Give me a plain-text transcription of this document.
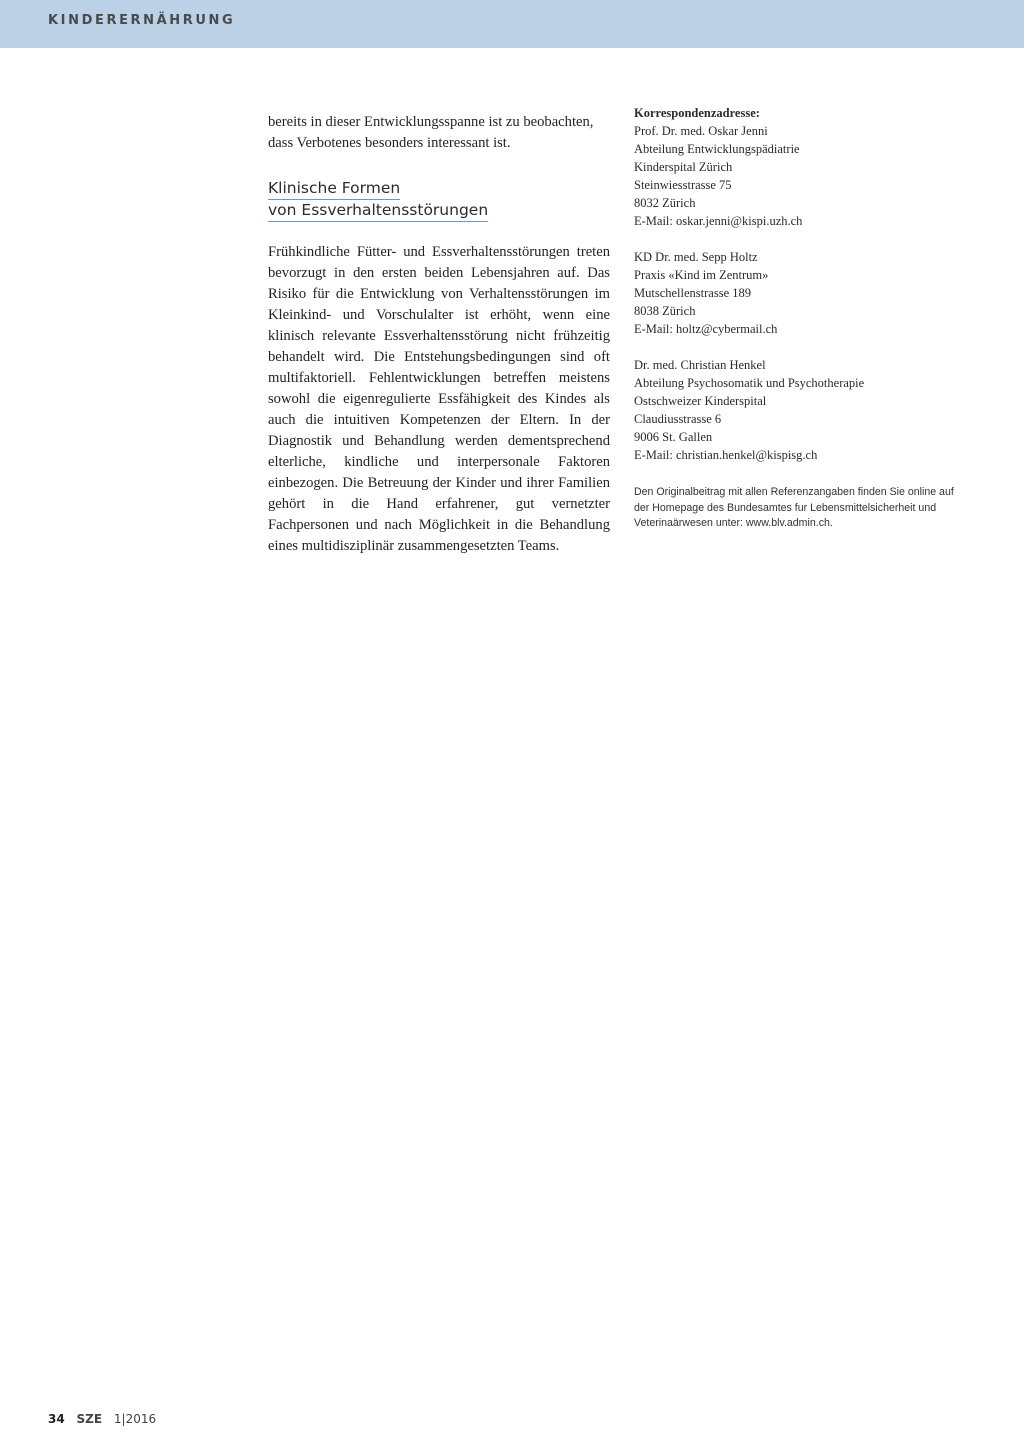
KINDERERNÄHRUNG

bereits in dieser Entwicklungsspanne ist zu beobachten, dass Verbotenes besonders interessant ist.

Klinische Formen
von Essverhaltensstörungen

Frühkindliche Fütter- und Essverhaltensstörungen treten bevorzugt in den ersten beiden Lebensjahren auf. Das Risiko für die Entwicklung von Verhaltensstörungen im Kleinkind- und Vorschulalter ist erhöht, wenn eine klinisch relevante Essverhaltensstörung nicht frühzeitig behandelt wird. Die Entstehungsbedingungen sind oft multifaktoriell. Fehlentwicklungen betreffen meistens sowohl die eigenregulierte Essfähigkeit des Kindes als auch die intuitiven Kompetenzen der Eltern. In der Diagnostik und Behandlung werden dementsprechend elterliche, kindliche und interpersonale Faktoren einbezogen. Die Betreuung der Kinder und ihrer Familien gehört in die Hand erfahrener, gut vernetzter Fachpersonen und nach Möglichkeit in die Behandlung eines multidisziplinär zusammengesetzten Teams.

Korrespondenzadresse:
Prof. Dr. med. Oskar Jenni
Abteilung Entwicklungspädiatrie
Kinderspital Zürich
Steinwiesstrasse 75
8032 Zürich
E-Mail: oskar.jenni@kispi.uzh.ch
KD Dr. med. Sepp Holtz
Praxis «Kind im Zentrum»
Mutschellenstrasse 189
8038 Zürich
E-Mail: holtz@cybermail.ch
Dr. med. Christian Henkel
Abteilung Psychosomatik und Psychotherapie
Ostschweizer Kinderspital
Claudiusstrasse 6
9006 St. Gallen
E-Mail: christian.henkel@kispisg.ch
Den Originalbeitrag mit allen Referenzangaben finden Sie online auf der Homepage des Bundesamtes fur Lebensmittelsicherheit und Veterinaärwesen unter: www.blv.admin.ch.
34 SZE 1|2016
